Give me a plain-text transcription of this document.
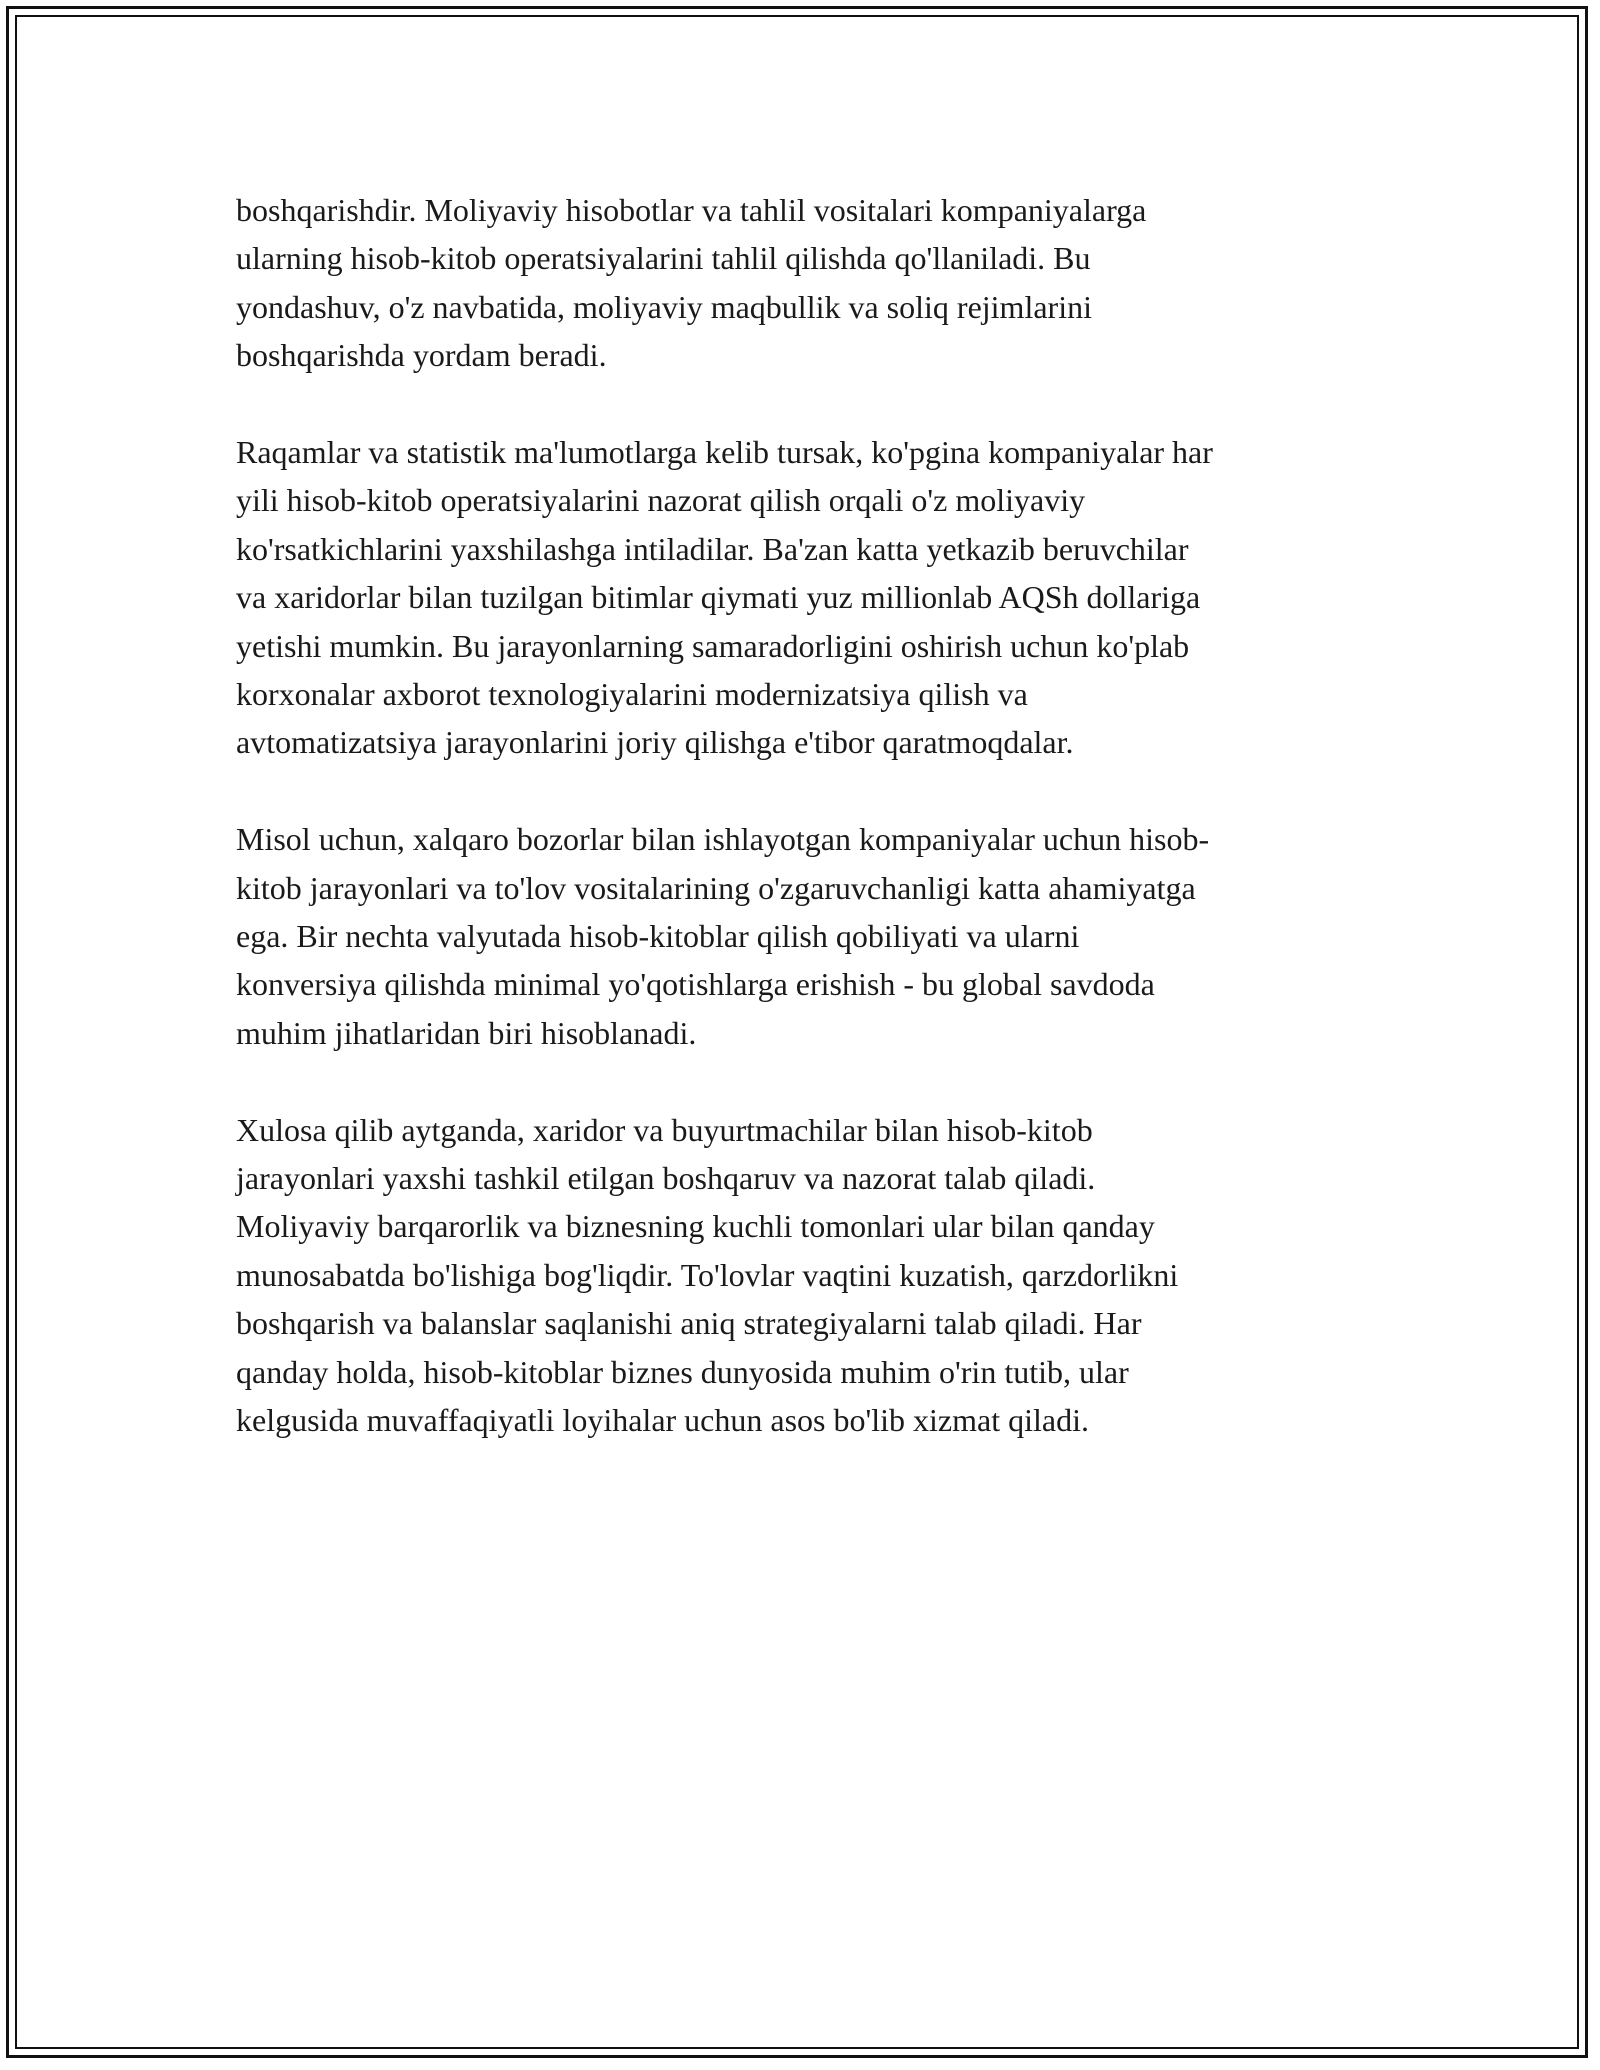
boshqarishdir. Moliyaviy hisobotlar va tahlil vositalari kompaniyalarga
ularning hisob-kitob operatsiyalarini tahlil qilishda qo'llaniladi. Bu
yondashuv, o'z navbatida, moliyaviy maqbullik va soliq rejimlarini
boshqarishda yordam beradi.

Raqamlar va statistik ma'lumotlarga kelib tursak, ko'pgina kompaniyalar har
yili hisob-kitob operatsiyalarini nazorat qilish orqali o'z moliyaviy
ko'rsatkichlarini yaxshilashga intiladilar. Ba'zan katta yetkazib beruvchilar
va xaridorlar bilan tuzilgan bitimlar qiymati yuz millionlab AQSh dollariga
yetishi mumkin. Bu jarayonlarning samaradorligini oshirish uchun ko'plab
korxonalar axborot texnologiyalarini modernizatsiya qilish va
avtomatizatsiya jarayonlarini joriy qilishga e'tibor qaratmoqdalar.

Misol uchun, xalqaro bozorlar bilan ishlayotgan kompaniyalar uchun hisob-
kitob jarayonlari va to'lov vositalarining o'zgaruvchanligi katta ahamiyatga
ega. Bir nechta valyutada hisob-kitoblar qilish qobiliyati va ularni
konversiya qilishda minimal yo'qotishlarga erishish - bu global savdoda
muhim jihatlaridan biri hisoblanadi.

Xulosa qilib aytganda, xaridor va buyurtmachilar bilan hisob-kitob
jarayonlari yaxshi tashkil etilgan boshqaruv va nazorat talab qiladi.
Moliyaviy barqarorlik va biznesning kuchli tomonlari ular bilan qanday
munosabatda bo'lishiga bog'liqdir. To'lovlar vaqtini kuzatish, qarzdorlikni
boshqarish va balanslar saqlanishi aniq strategiyalarni talab qiladi. Har
qanday holda, hisob-kitoblar biznes dunyosida muhim o'rin tutib, ular
kelgusida muvaffaqiyatli loyihalar uchun asos bo'lib xizmat qiladi.
